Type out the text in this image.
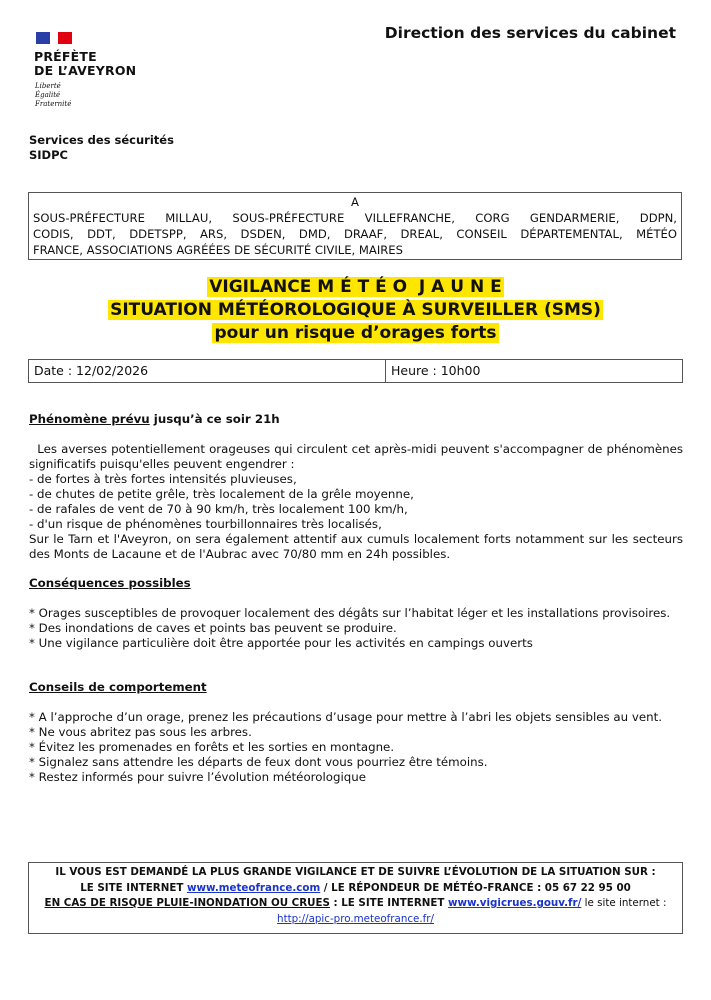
PRÉFÈTE
DE L’AVEYRON
Liberté
Égalité
Fraternité
Direction des services du cabinet
Services des sécurités
SIDPC
A
SOUS-PRÉFECTURE MILLAU, SOUS-PRÉFECTURE VILLEFRANCHE, CORG GENDARMERIE, DDPN,
CODIS, DDT, DDETSPP, ARS, DSDEN, DMD, DRAAF, DREAL, CONSEIL DÉPARTEMENTAL, MÉTÉO
FRANCE, ASSOCIATIONS AGRÉÉES DE SÉCURITÉ CIVILE, MAIRES
VIGILANCE M É T É O  J A U N E
SITUATION MÉTÉOROLOGIQUE À SURVEILLER (SMS)
pour un risque d’orages forts
Date : 12/02/2026	Heure : 10h00
Phénomène prévu jusqu’à ce soir 21h
Les averses potentiellement orageuses qui circulent cet après-midi peuvent s'accompagner de phénomènes significatifs puisqu'elles peuvent engendrer :
- de fortes à très fortes intensités pluvieuses,
- de chutes de petite grêle, très localement de la grêle moyenne,
- de rafales de vent de 70 à 90 km/h, très localement 100 km/h,
- d'un risque de phénomènes tourbillonnaires très localisés,
Sur le Tarn et l'Aveyron, on sera également attentif aux cumuls localement forts notamment sur les secteurs des Monts de Lacaune et de l'Aubrac avec 70/80 mm en 24h possibles.
Conséquences possibles
* Orages susceptibles de provoquer localement des dégâts sur l’habitat léger et les installations provisoires.
* Des inondations de caves et points bas peuvent se produire.
* Une vigilance particulière doit être apportée pour les activités en campings ouverts
Conseils de comportement
* A l’approche d’un orage, prenez les précautions d’usage pour mettre à l’abri les objets sensibles au vent.
* Ne vous abritez pas sous les arbres.
* Évitez les promenades en forêts et les sorties en montagne.
* Signalez sans attendre les départs de feux dont vous pourriez être témoins.
* Restez informés pour suivre l’évolution météorologique
IL VOUS EST DEMANDÉ LA PLUS GRANDE VIGILANCE ET DE SUIVRE L’ÉVOLUTION DE LA SITUATION SUR :
LE SITE INTERNET www.meteofrance.com / LE RÉPONDEUR DE MÉTÉO-FRANCE : 05 67 22 95 00
EN CAS DE RISQUE PLUIE-INONDATION OU CRUES : LE SITE INTERNET www.vigicrues.gouv.fr/ le site internet :
http://apic-pro.meteofrance.fr/
